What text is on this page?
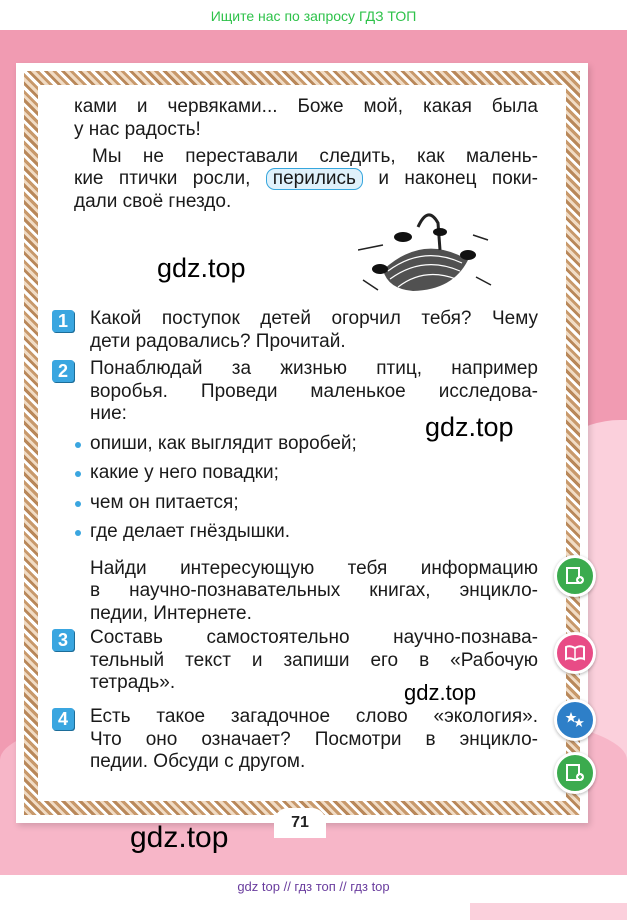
Ищите нас по запросу ГДЗ ТОП
ками и червяками... Боже мой, какая была
у нас радость!
Мы не переставали следить, как малень-
кие птички росли, перились и наконец поки-
дали своё гнездо.
1	Какой поступок детей огорчил тебя? Чему
дети радовались? Прочитай.
2	Понаблюдай за жизнью птиц, например
воробья. Проведи маленькое исследова-
ние:
опиши, как выглядит воробей;
какие у него повадки;
чем он питается;
где делает гнёздышки.
Найди интересующую тебя информацию
в научно-познавательных книгах, энцикло-
педии, Интернете.
3	Составь самостоятельно научно-познава-
тельный текст и запиши его в «Рабочую
тетрадь».
4	Есть такое загадочное слово «экология».
Что оно означает? Посмотри в энцикло-
педии. Обсуди с другом.
gdz.top
gdz.top
gdz.top
71
gdz.top
gdz top // гдз топ // гдз top
